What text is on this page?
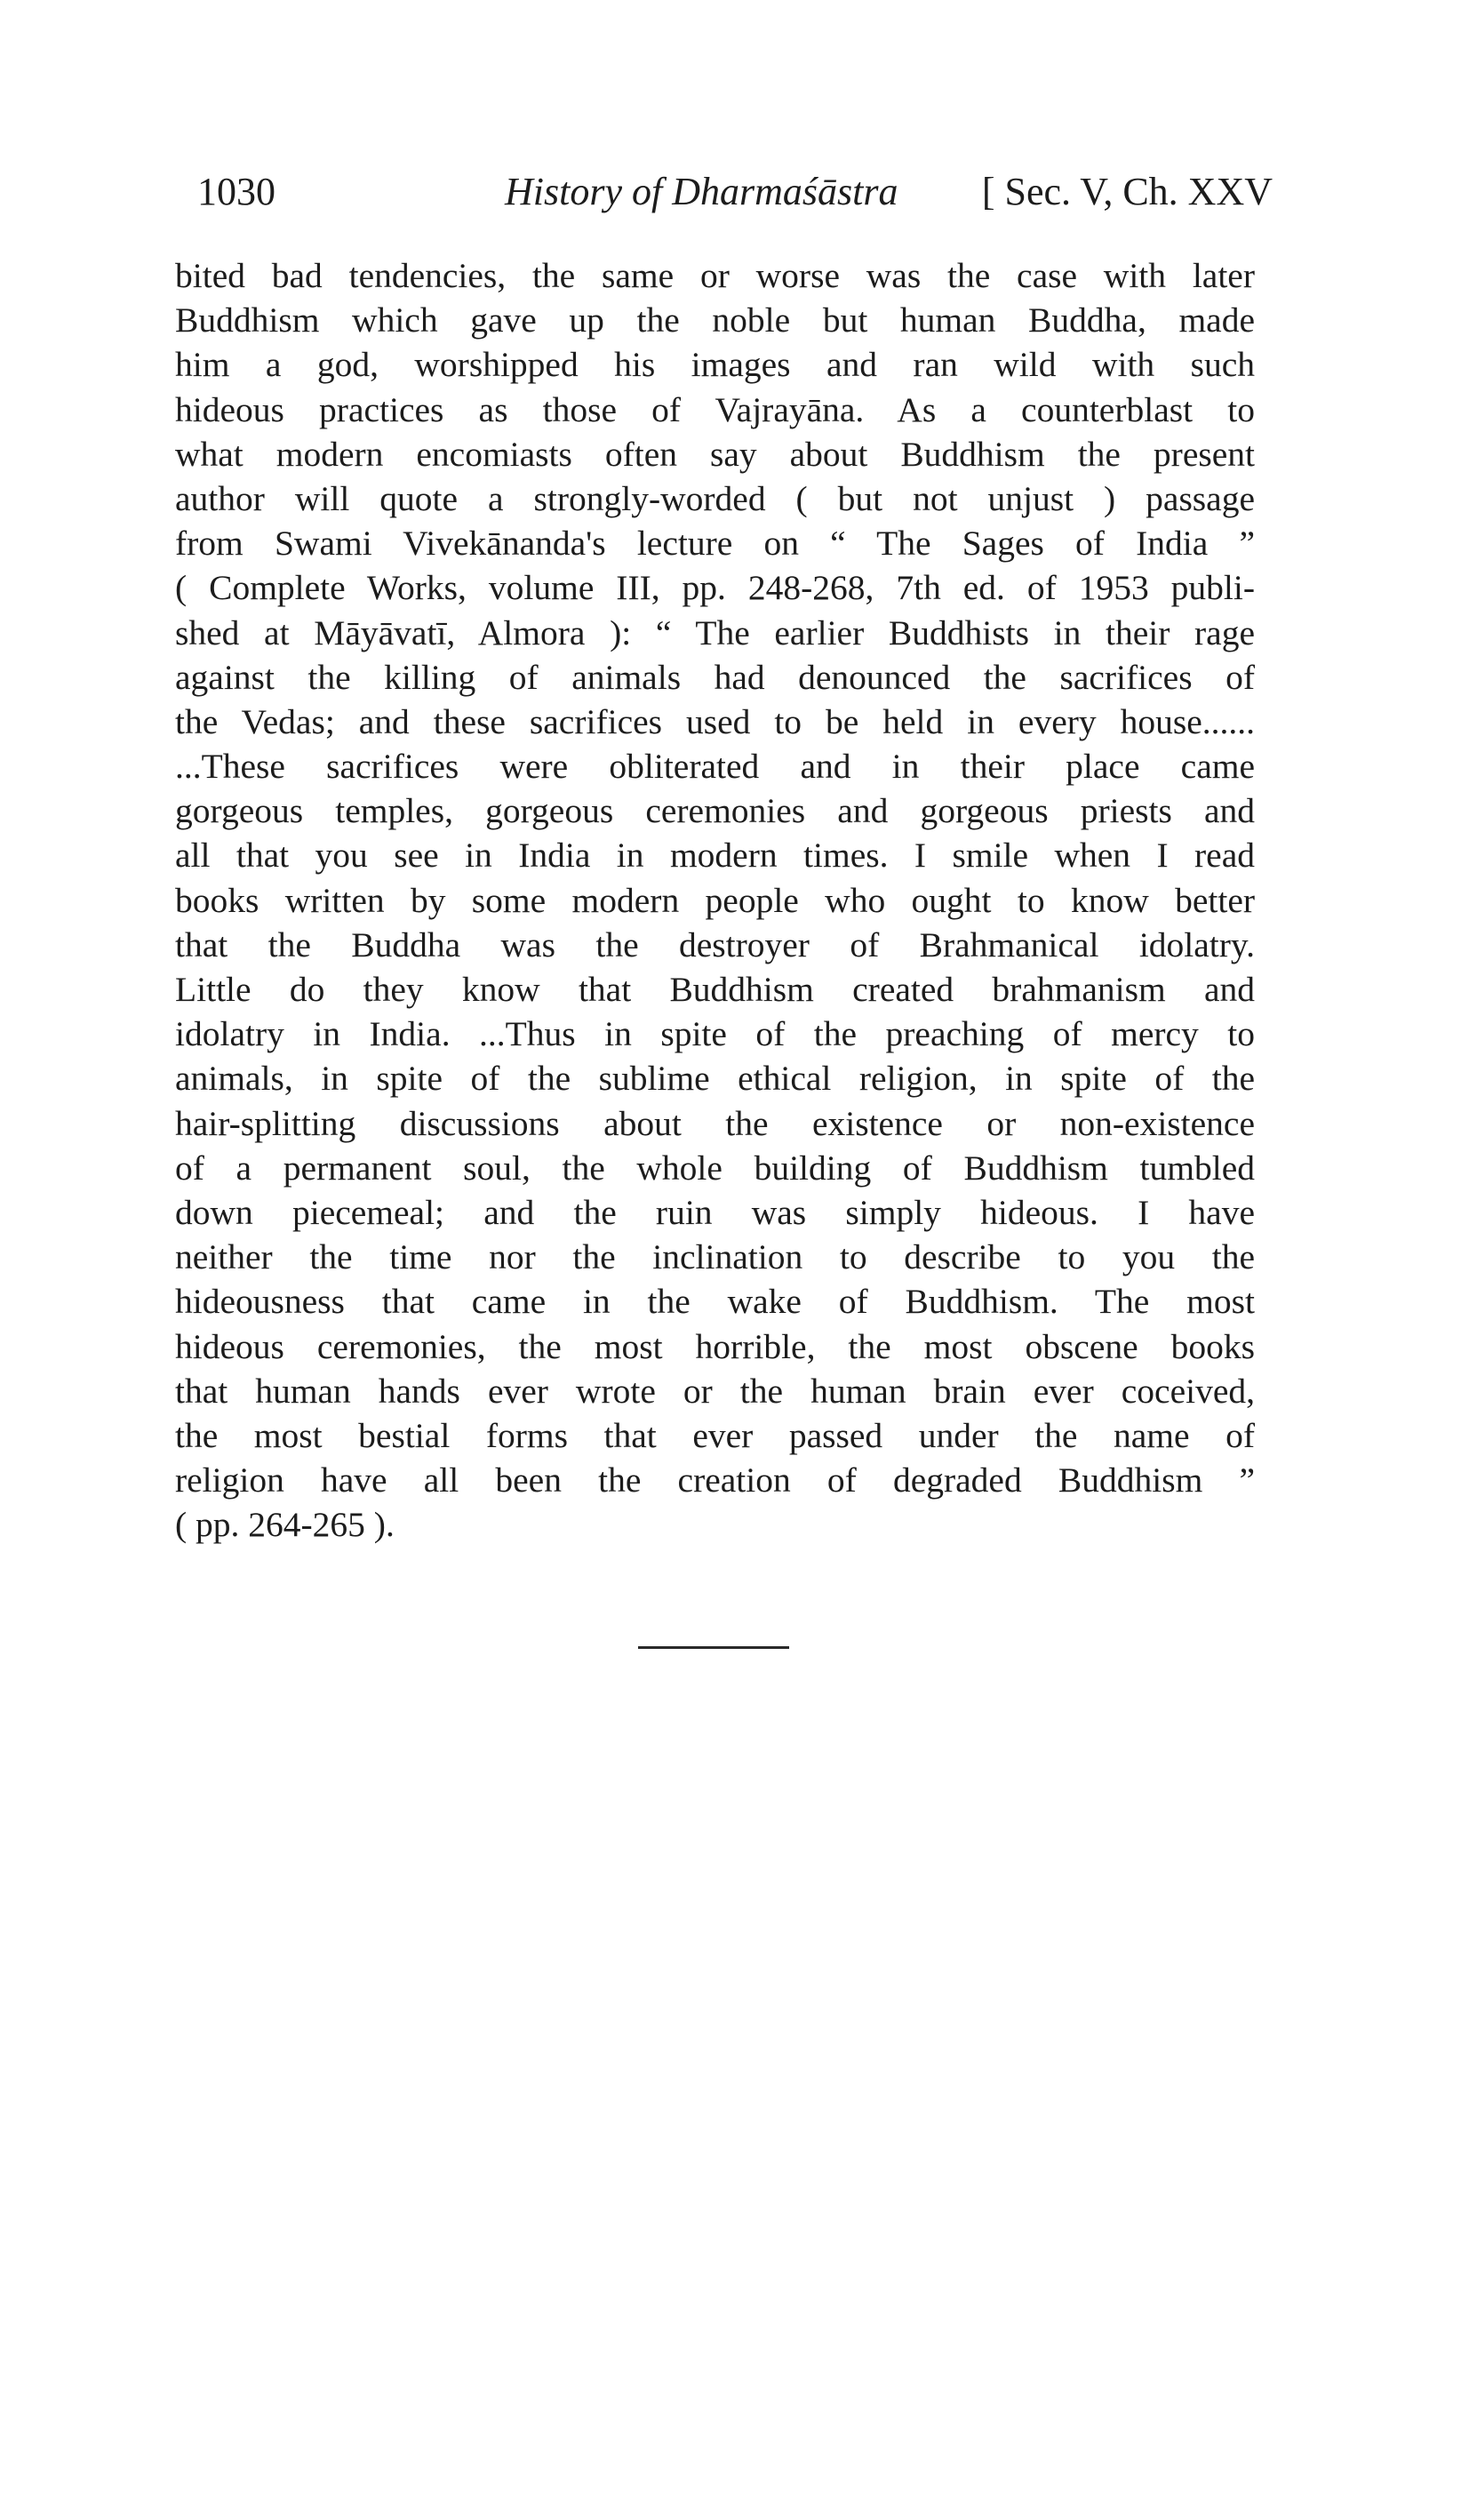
1030	History of Dharmaśāstra [ Sec. V, Ch. XXV
bited bad tendencies, the same or worse was the case with later
Buddhism which gave up the noble but human Buddha, made
him a god, worshipped his images and ran wild with such
hideous practices as those of Vajrayāna. As a counterblast to
what modern encomiasts often say about Buddhism the present
author will quote a strongly-worded ( but not unjust ) passage
from Swami Vivekānanda's lecture on “ The Sages of India ”
( Complete Works, volume III, pp. 248-268, 7th ed. of 1953 publi-
shed at Māyāvatī, Almora ): “ The earlier Buddhists in their rage
against the killing of animals had denounced the sacrifices of
the Vedas; and these sacrifices used to be held in every house......
...These sacrifices were obliterated and in their place came
gorgeous temples, gorgeous ceremonies and gorgeous priests and
all that you see in India in modern times. I smile when I read
books written by some modern people who ought to know better
that the Buddha was the destroyer of Brahmanical idolatry.
Little do they know that Buddhism created brahmanism and
idolatry in India. ...Thus in spite of the preaching of mercy to
animals, in spite of the sublime ethical religion, in spite of the
hair-splitting discussions about the existence or non-existence
of a permanent soul, the whole building of Buddhism tumbled
down piecemeal; and the ruin was simply hideous. I have
neither the time nor the inclination to describe to you the
hideousness that came in the wake of Buddhism. The most
hideous ceremonies, the most horrible, the most obscene books
that human hands ever wrote or the human brain ever coceived,
the most bestial forms that ever passed under the name of
religion have all been the creation of degraded Buddhism ”
( pp. 264-265 ).
